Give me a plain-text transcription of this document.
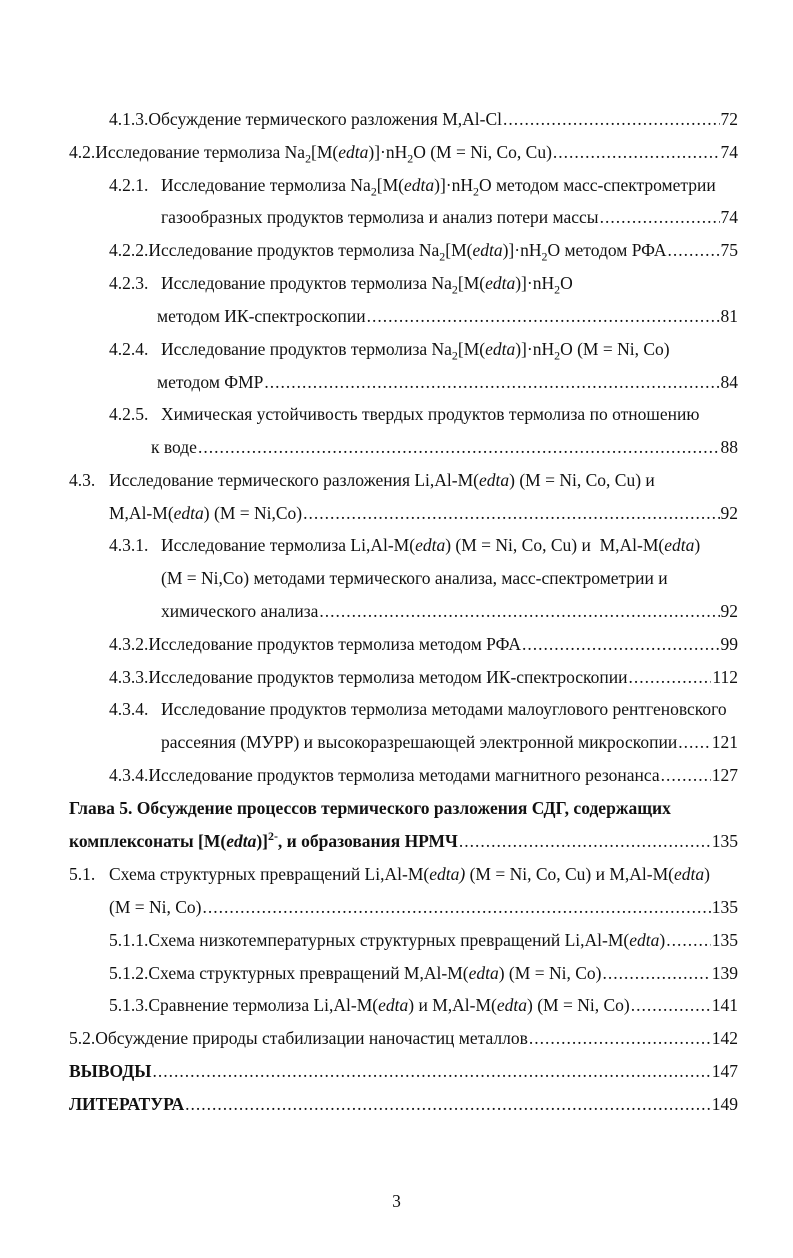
4.1.3. Обсуждение термического разложения M,Al-Cl .....	72
4.2. Исследование термолиза $Na_2[M(edta)]\cdot nH_2O$ (M = Ni, Co, Cu) .....	74
4.2.1. Исследование термолиза $Na_2[M(edta)]\cdot nH_2O$ методом масс-спектрометрии
газообразных продуктов термолиза и анализ потери массы .....	74
4.2.2. Исследование продуктов термолиза $Na_2[M(edta)]\cdot nH_2O$ методом РФА .....	75
4.2.3. Исследование продуктов термолиза $Na_2[M(edta)]\cdot nH_2O$
методом ИК-спектроскопии .....	81
4.2.4. Исследование продуктов термолиза $Na_2[M(edta)]\cdot nH_2O$ (M = Ni, Co)
методом ФМР .....	84
4.2.5. Химическая устойчивость твердых продуктов термолиза по отношению
к воде .....	88
4.3. Исследование термического разложения Li,Al-M(edta) (M = Ni, Co, Cu) и
M,Al-M(edta) (M = Ni,Co) .....	92
4.3.1. Исследование термолиза Li,Al-M(edta) (M = Ni, Co, Cu) и  M,Al-M(edta)
(M = Ni,Co) методами термического анализа, масс-спектрометрии и
химического анализа .....	92
4.3.2. Исследование продуктов термолиза методом РФА .....	99
4.3.3. Исследование продуктов термолиза методом ИК-спектроскопии .....	112
4.3.4. Исследование продуктов термолиза методами малоуглового рентгеновского
рассеяния (МУРР) и высокоразрешающей электронной микроскопии ..... 121
4.3.4. Исследование продуктов термолиза методами магнитного резонанса .....	127
Глава 5. Обсуждение процессов термического разложения СДГ, содержащих
комплексонаты [M(edta)]$^{2-}$, и образования НРМЧ .....	135
5.1. Схема структурных превращений Li,Al-M(edta) (M = Ni, Co, Cu) и M,Al-M(edta)
(M = Ni, Co) .....	135
5.1.1. Схема низкотемпературных структурных превращений Li,Al-M(edta) .....	135
5.1.2. Схема структурных превращений M,Al-M(edta) (M = Ni, Co) .....	139
5.1.3. Сравнение термолиза Li,Al-M(edta) и M,Al-M(edta) (M = Ni, Co) .....	141
5.2. Обсуждение природы стабилизации наночастиц металлов .....	142
ВЫВОДЫ .....	147
ЛИТЕРАТУРА .....	149
3
